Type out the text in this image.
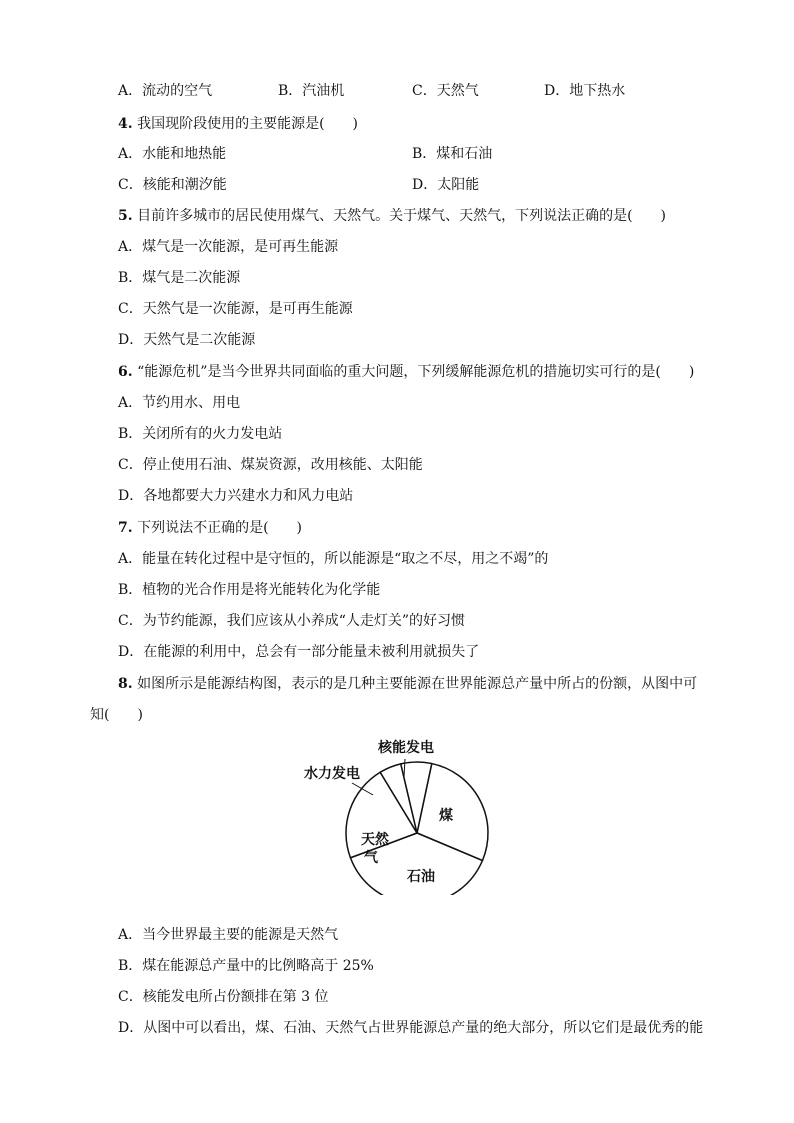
A．流动的空气	B．汽油机	C．天然气	D．地下热水
4. 我国现阶段使用的主要能源是(　　)
A．水能和地热能	B．煤和石油
C．核能和潮汐能	D．太阳能
5. 目前许多城市的居民使用煤气、天然气。关于煤气、天然气，下列说法正确的是(　　)
A．煤气是一次能源，是可再生能源
B．煤气是二次能源
C．天然气是一次能源，是可再生能源
D．天然气是二次能源
6. “能源危机”是当今世界共同面临的重大问题，下列缓解能源危机的措施切实可行的是(　　)
A．节约用水、用电
B．关闭所有的火力发电站
C．停止使用石油、煤炭资源，改用核能、太阳能
D．各地都要大力兴建水力和风力电站
7. 下列说法不正确的是(　　)
A．能量在转化过程中是守恒的，所以能源是“取之不尽，用之不竭”的
B．植物的光合作用是将光能转化为化学能
C．为节约能源，我们应该从小养成“人走灯关”的好习惯
D．在能源的利用中，总会有一部分能量未被利用就损失了
8. 如图所示是能源结构图，表示的是几种主要能源在世界能源总产量中所占的份额，从图中可
知(　　)
核能发电
水力发电
煤
石油
天然
气
A．当今世界最主要的能源是天然气
B．煤在能源总产量中的比例略高于 25%
C．核能发电所占份额排在第 3 位
D．从图中可以看出，煤、石油、天然气占世界能源总产量的绝大部分，所以它们是最优秀的能
